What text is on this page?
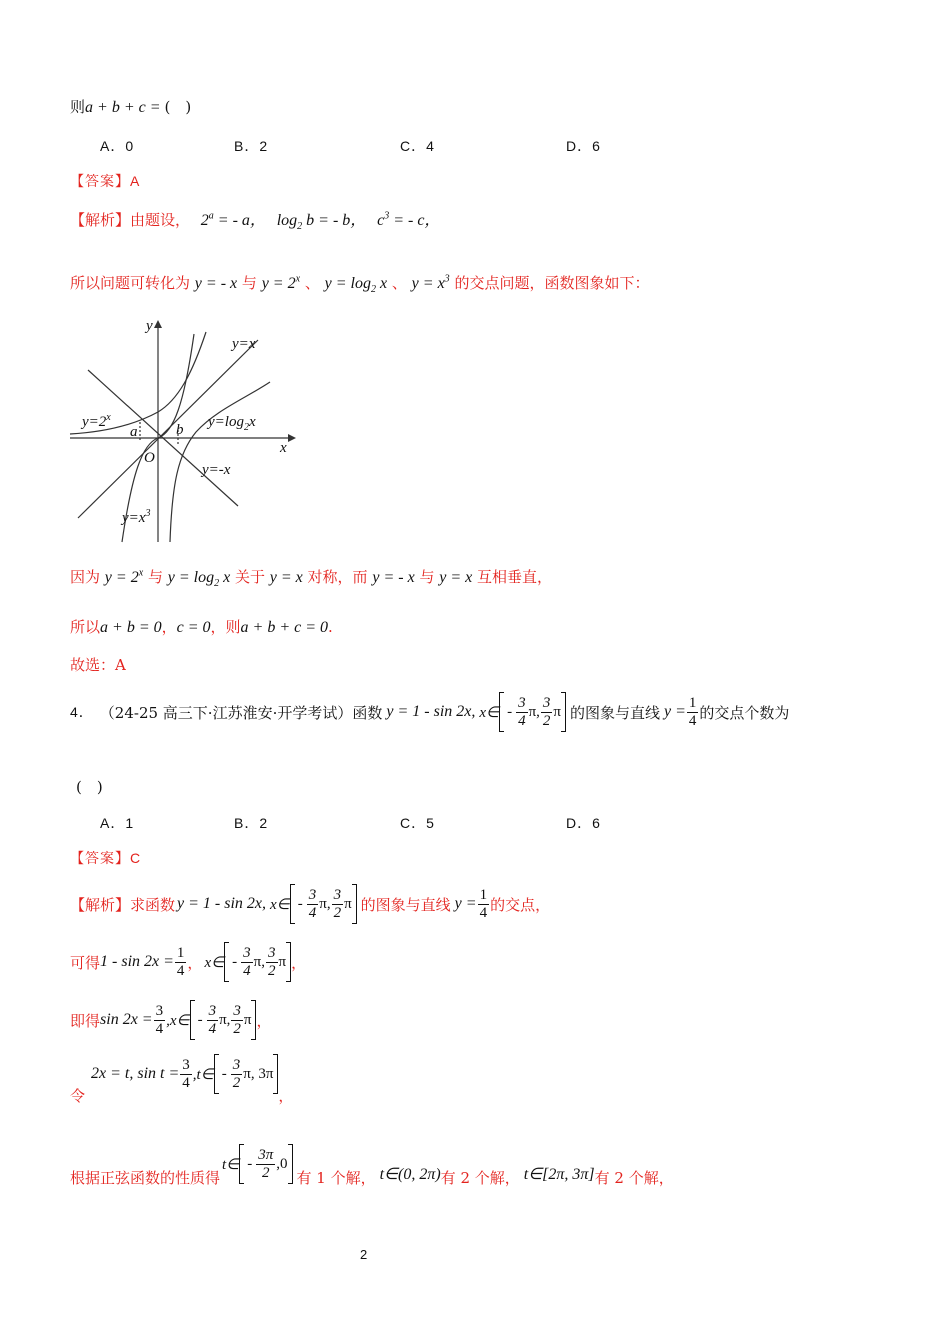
则a + b + c = (　)
A．0	B．2	C．4	D．6
【答案】A
【解析】由题设， $2^a$ = - a， $\log_2 b$ = - b， $c^3$ = - c，
所以问题可转化为 y = - x 与 $y = 2^x$ 、 $y = \log_2 x$ 、 $y = x^3$ 的交点问题，函数图象如下：
y
x
O
y=x
$y=2^x$	$y=\log_2x$
y=-x
$y=x^3$
a	b
因为 $y = 2^x$ 与 $y = \log_2 x$ 关于 y = x 对称，而 y = - x 与 y = x 互相垂直，
所以a + b = 0，c = 0，则a + b + c = 0.
故选：A
4． （24-25 高三下·江苏淮安·开学考试）函数 y = 1 - sin 2x, x∈ - $\frac{3}{4} \pi$, $\frac{3}{2}$ π 的图象与直线 $y = \frac{1}{4}$ 的交点个数为
(　)
A．1	B．2	C．5	D．6
【答案】C
【解析】求函数 y = 1 - sin 2x, x∈ - $\frac{3}{4} \pi$, $\frac{3}{2}$ π 的图象与直线 $y = \frac{1}{4}$ 的交点，
可得 $1 - \sin 2x = \frac{1}{4}$ ， x∈ - $\frac{3}{4} \pi$, $\frac{3}{2}$ π ，
即得 $\sin 2x = \frac{3}{4}$ ,x∈ - $\frac{3}{4} \pi$, $\frac{3}{2}$ π ，
令
2x = t, $\sin t = \frac{3}{4}$ ,t∈ - $\frac{3}{2} \pi$, 3π
，
根据正弦函数的性质得
t∈ - $\frac{3\pi}{2} ,0$
有 1 个解， t∈(0, 2π) 有 2 个解， t∈[2π, 3π] 有 2 个解，
2
